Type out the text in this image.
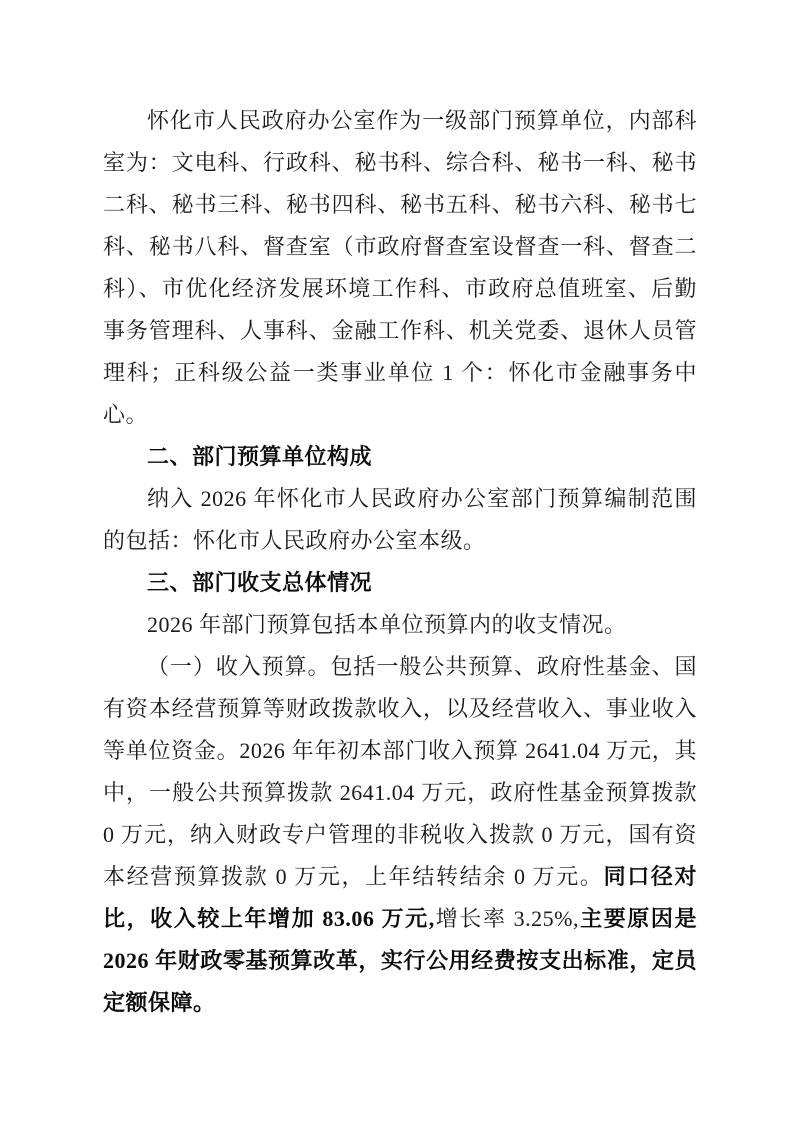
怀化市人民政府办公室作为一级部门预算单位，内部科室为：文电科、行政科、秘书科、综合科、秘书一科、秘书二科、秘书三科、秘书四科、秘书五科、秘书六科、秘书七科、秘书八科、督查室（市政府督查室设督查一科、督查二科）、市优化经济发展环境工作科、市政府总值班室、后勤事务管理科、人事科、金融工作科、机关党委、退休人员管理科；正科级公益一类事业单位 1 个：怀化市金融事务中心。

二、部门预算单位构成

纳入 2026 年怀化市人民政府办公室部门预算编制范围的包括：怀化市人民政府办公室本级。

三、部门收支总体情况

2026 年部门预算包括本单位预算内的收支情况。

（一）收入预算。包括一般公共预算、政府性基金、国有资本经营预算等财政拨款收入，以及经营收入、事业收入等单位资金。2026 年年初本部门收入预算 2641.04 万元，其中，一般公共预算拨款 2641.04 万元，政府性基金预算拨款 0 万元，纳入财政专户管理的非税收入拨款 0 万元，国有资本经营预算拨款 0 万元，上年结转结余 0 万元。同口径对比，收入较上年增加 83.06 万元,增长率 3.25%,主要原因是 2026 年财政零基预算改革，实行公用经费按支出标准，定员定额保障。
